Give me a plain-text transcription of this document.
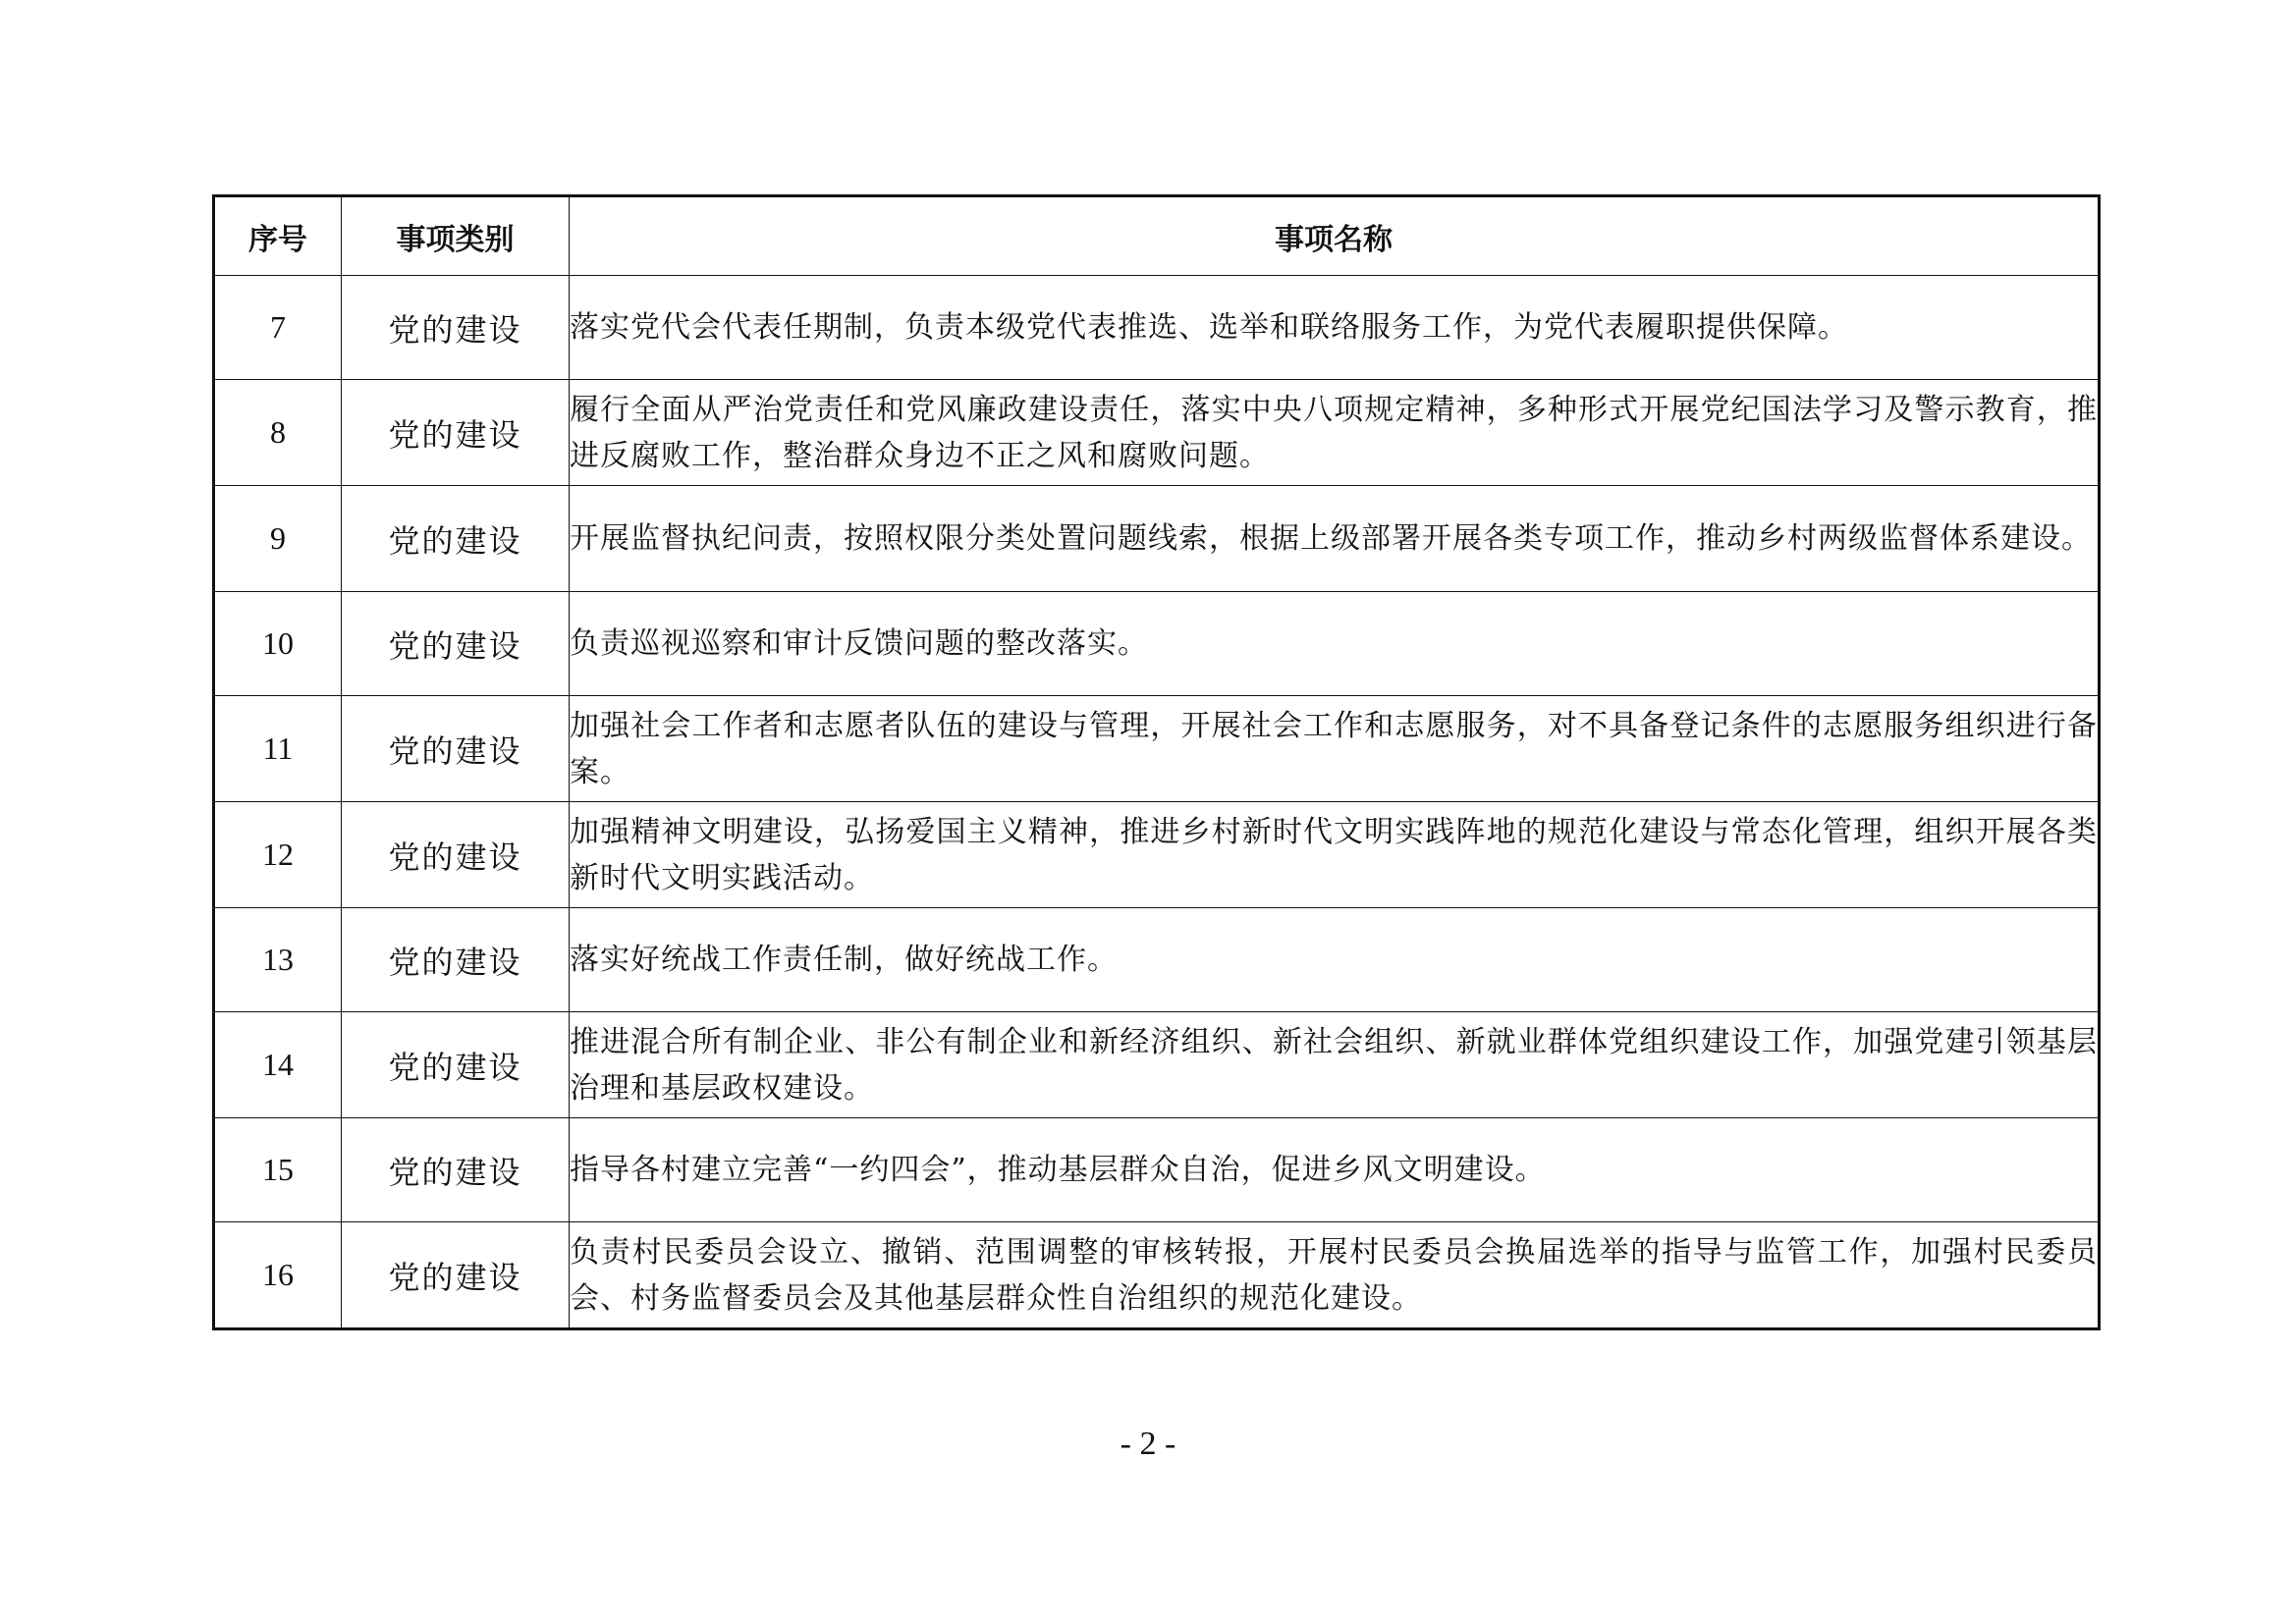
序号	事项类别	事项名称
7	党的建设	落实党代会代表任期制，负责本级党代表推选、选举和联络服务工作，为党代表履职提供保障。
8	党的建设	履行全面从严治党责任和党风廉政建设责任，落实中央八项规定精神，多种形式开展党纪国法学习及警示教育，推进反腐败工作，整治群众身边不正之风和腐败问题。
9	党的建设	开展监督执纪问责，按照权限分类处置问题线索，根据上级部署开展各类专项工作，推动乡村两级监督体系建设。
10	党的建设	负责巡视巡察和审计反馈问题的整改落实。
11	党的建设	加强社会工作者和志愿者队伍的建设与管理，开展社会工作和志愿服务，对不具备登记条件的志愿服务组织进行备案。
12	党的建设	加强精神文明建设，弘扬爱国主义精神，推进乡村新时代文明实践阵地的规范化建设与常态化管理，组织开展各类新时代文明实践活动。
13	党的建设	落实好统战工作责任制，做好统战工作。
14	党的建设	推进混合所有制企业、非公有制企业和新经济组织、新社会组织、新就业群体党组织建设工作，加强党建引领基层治理和基层政权建设。
15	党的建设	指导各村建立完善“一约四会”，推动基层群众自治，促进乡风文明建设。
16	党的建设	负责村民委员会设立、撤销、范围调整的审核转报，开展村民委员会换届选举的指导与监管工作，加强村民委员会、村务监督委员会及其他基层群众性自治组织的规范化建设。
- 2 -
